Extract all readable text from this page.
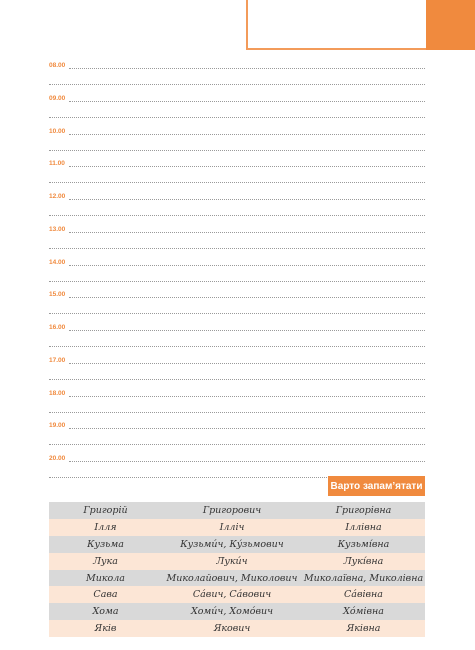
08.00
09.00
10.00
11.00
12.00
13.00
14.00
15.00
16.00
17.00
18.00
19.00
20.00
Варто запам’ятати
Григорій	Григорович	Григорівна
Ілля	Ілліч	Іллівна
Кузьма	Кузьми́ч, Кýзьмович	Кузьмíвна
Лука	Луки́ч	Лукíвна
Микола	Миколайович, Миколович	Миколаївна, Миколівна
Сава	Сáвич, Сáвович	Сáвівна
Хома	Хоми́ч, Хомóвич	Хóмівна
Яків	Якович	Яківна
